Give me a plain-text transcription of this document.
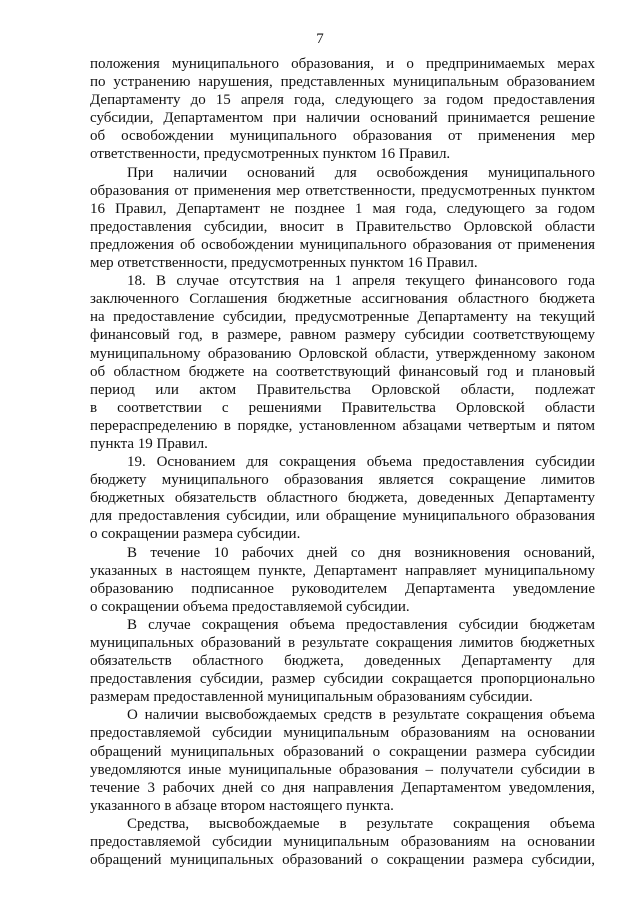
7
положения муниципального образования, и о предпринимаемых мерах
по устранению нарушения, представленных муниципальным образованием
Департаменту до 15 апреля года, следующего за годом предоставления
субсидии, Департаментом при наличии оснований принимается решение
об освобождении муниципального образования от применения мер
ответственности, предусмотренных пунктом 16 Правил.
При наличии оснований для освобождения муниципального
образования от применения мер ответственности, предусмотренных пунктом
16 Правил, Департамент не позднее 1 мая года, следующего за годом
предоставления субсидии, вносит в Правительство Орловской области
предложения об освобождении муниципального образования от применения
мер ответственности, предусмотренных пунктом 16 Правил.
18. В случае отсутствия на 1 апреля текущего финансового года
заключенного Соглашения бюджетные ассигнования областного бюджета
на предоставление субсидии, предусмотренные Департаменту на текущий
финансовый год, в размере, равном размеру субсидии соответствующему
муниципальному образованию Орловской области, утвержденному законом
об областном бюджете на соответствующий финансовый год и плановый
период или актом Правительства Орловской области, подлежат
в соответствии с решениями Правительства Орловской области
перераспределению в порядке, установленном абзацами четвертым и пятом
пункта 19 Правил.
19. Основанием для сокращения объема предоставления субсидии
бюджету муниципального образования является сокращение лимитов
бюджетных обязательств областного бюджета, доведенных Департаменту
для предоставления субсидии, или обращение муниципального образования
о сокращении размера субсидии.
В течение 10 рабочих дней со дня возникновения оснований,
указанных в настоящем пункте, Департамент направляет муниципальному
образованию подписанное руководителем Департамента уведомление
о сокращении объема предоставляемой субсидии.
В случае сокращения объема предоставления субсидии бюджетам
муниципальных образований в результате сокращения лимитов бюджетных
обязательств областного бюджета, доведенных Департаменту для
предоставления субсидии, размер субсидии сокращается пропорционально
размерам предоставленной муниципальным образованиям субсидии.
О наличии высвобождаемых средств в результате сокращения объема
предоставляемой субсидии муниципальным образованиям на основании
обращений муниципальных образований о сокращении размера субсидии
уведомляются иные муниципальные образования – получатели субсидии в
течение 3 рабочих дней со дня направления Департаментом уведомления,
указанного в абзаце втором настоящего пункта.
Средства, высвобождаемые в результате сокращения объема
предоставляемой субсидии муниципальным образованиям на основании
обращений муниципальных образований о сокращении размера субсидии,
